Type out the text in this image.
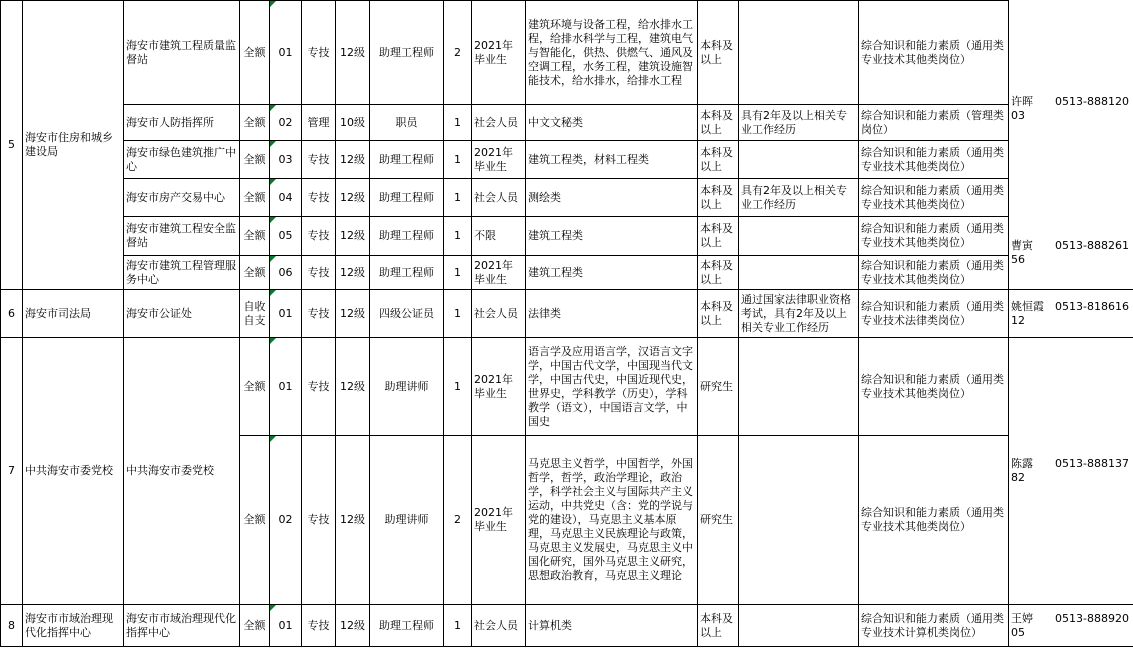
5	海安市住房和城乡建设局	海安市建筑工程质量监督站	全额	01	专技	12级	助理工程师	2	2021年毕业生	建筑环境与设备工程，给水排水工程，给排水科学与工程，建筑电气与智能化，供热、供燃气、通风及空调工程，水务工程，建筑设施智能技术，给水排水，给排水工程	本科及以上		综合知识和能力素质（通用类专业技术其他类岗位）	许晖　　0513-88812003
		海安市人防指挥所	全额	02	管理	10级	职员	1	社会人员	中文文秘类	本科及以上	具有2年及以上相关专业工作经历	综合知识和能力素质（管理类岗位）	
		海安市绿色建筑推广中心	全额	03	专技	12级	助理工程师	1	2021年毕业生	建筑工程类，材料工程类	本科及以上		综合知识和能力素质（通用类专业技术其他类岗位）	
		海安市房产交易中心	全额	04	专技	12级	助理工程师	1	社会人员	测绘类	本科及以上	具有2年及以上相关专业工作经历	综合知识和能力素质（通用类专业技术其他类岗位）	
		海安市建筑工程安全监督站	全额	05	专技	12级	助理工程师	1	不限	建筑工程类	本科及以上		综合知识和能力素质（通用类专业技术其他类岗位）	曹寅　　0513-88826156
		海安市建筑工程管理服务中心	全额	06	专技	12级	助理工程师	1	2021年毕业生	建筑工程类	本科及以上		综合知识和能力素质（通用类专业技术其他类岗位）	
6	海安市司法局	海安市公证处	自收自支	01	专技	12级	四级公证员	1	社会人员	法律类	本科及以上	通过国家法律职业资格考试，具有2年及以上相关专业工作经历	综合知识和能力素质（通用类专业技术法律类岗位）	姚恒霞　0513-81861612
7	中共海安市委党校	中共海安市委党校	全额	01	专技	12级	助理讲师	1	2021年毕业生	语言学及应用语言学，汉语言文字学，中国古代文学，中国现当代文学，中国古代史，中国近现代史，世界史，学科教学（历史），学科教学（语文），中国语言文学，中国史	研究生		综合知识和能力素质（通用类专业技术其他类岗位）	陈露　　0513-88813782
			全额	02	专技	12级	助理讲师	2	2021年毕业生	马克思主义哲学，中国哲学，外国哲学，哲学，政治学理论，政治学，科学社会主义与国际共产主义运动，中共党史（含：党的学说与党的建设），马克思主义基本原理，马克思主义民族理论与政策，马克思主义发展史，马克思主义中国化研究，国外马克思主义研究，思想政治教育，马克思主义理论	研究生		综合知识和能力素质（通用类专业技术其他类岗位）	
8	海安市市域治理现代化指挥中心	海安市市域治理现代化指挥中心	全额	01	专技	12级	助理工程师	1	社会人员	计算机类	本科及以上		综合知识和能力素质（通用类专业技术计算机类岗位）	王婷　　0513-88892005
